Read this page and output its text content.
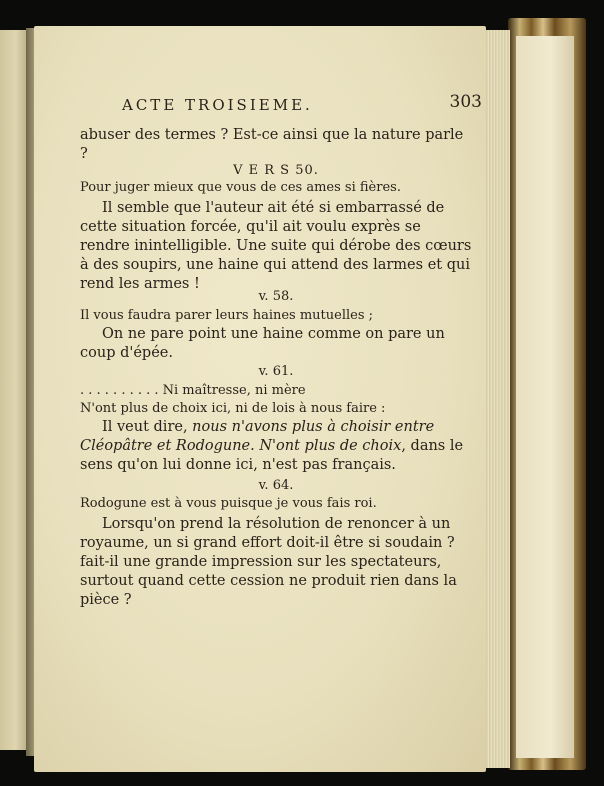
ACTE TROISIEME.	303

abuser des termes ? Est-ce ainsi que la nature parle ?

V E R S 50.

Pour juger mieux que vous de ces ames si fières.

Il semble que l'auteur ait été si embarrassé de cette situation forcée, qu'il ait voulu exprès se rendre inintelligible. Une suite qui dérobe des cœurs à des soupirs, une haine qui attend des larmes et qui rend les armes !

v. 58.

Il vous faudra parer leurs haines mutuelles ;

On ne pare point une haine comme on pare un coup d'épée.

v. 61.

. . . . . . . . . . Ni maîtresse, ni mère

N'ont plus de choix ici, ni de lois à nous faire :

Il veut dire, nous n'avons plus à choisir entre Cléopâtre et Rodogune. N'ont plus de choix, dans le sens qu'on lui donne ici, n'est pas français.

v. 64.

Rodogune est à vous puisque je vous fais roi.

Lorsqu'on prend la résolution de renoncer à un royaume, un si grand effort doit-il être si soudain ? fait-il une grande impression sur les spectateurs, surtout quand cette cession ne produit rien dans la pièce ?
